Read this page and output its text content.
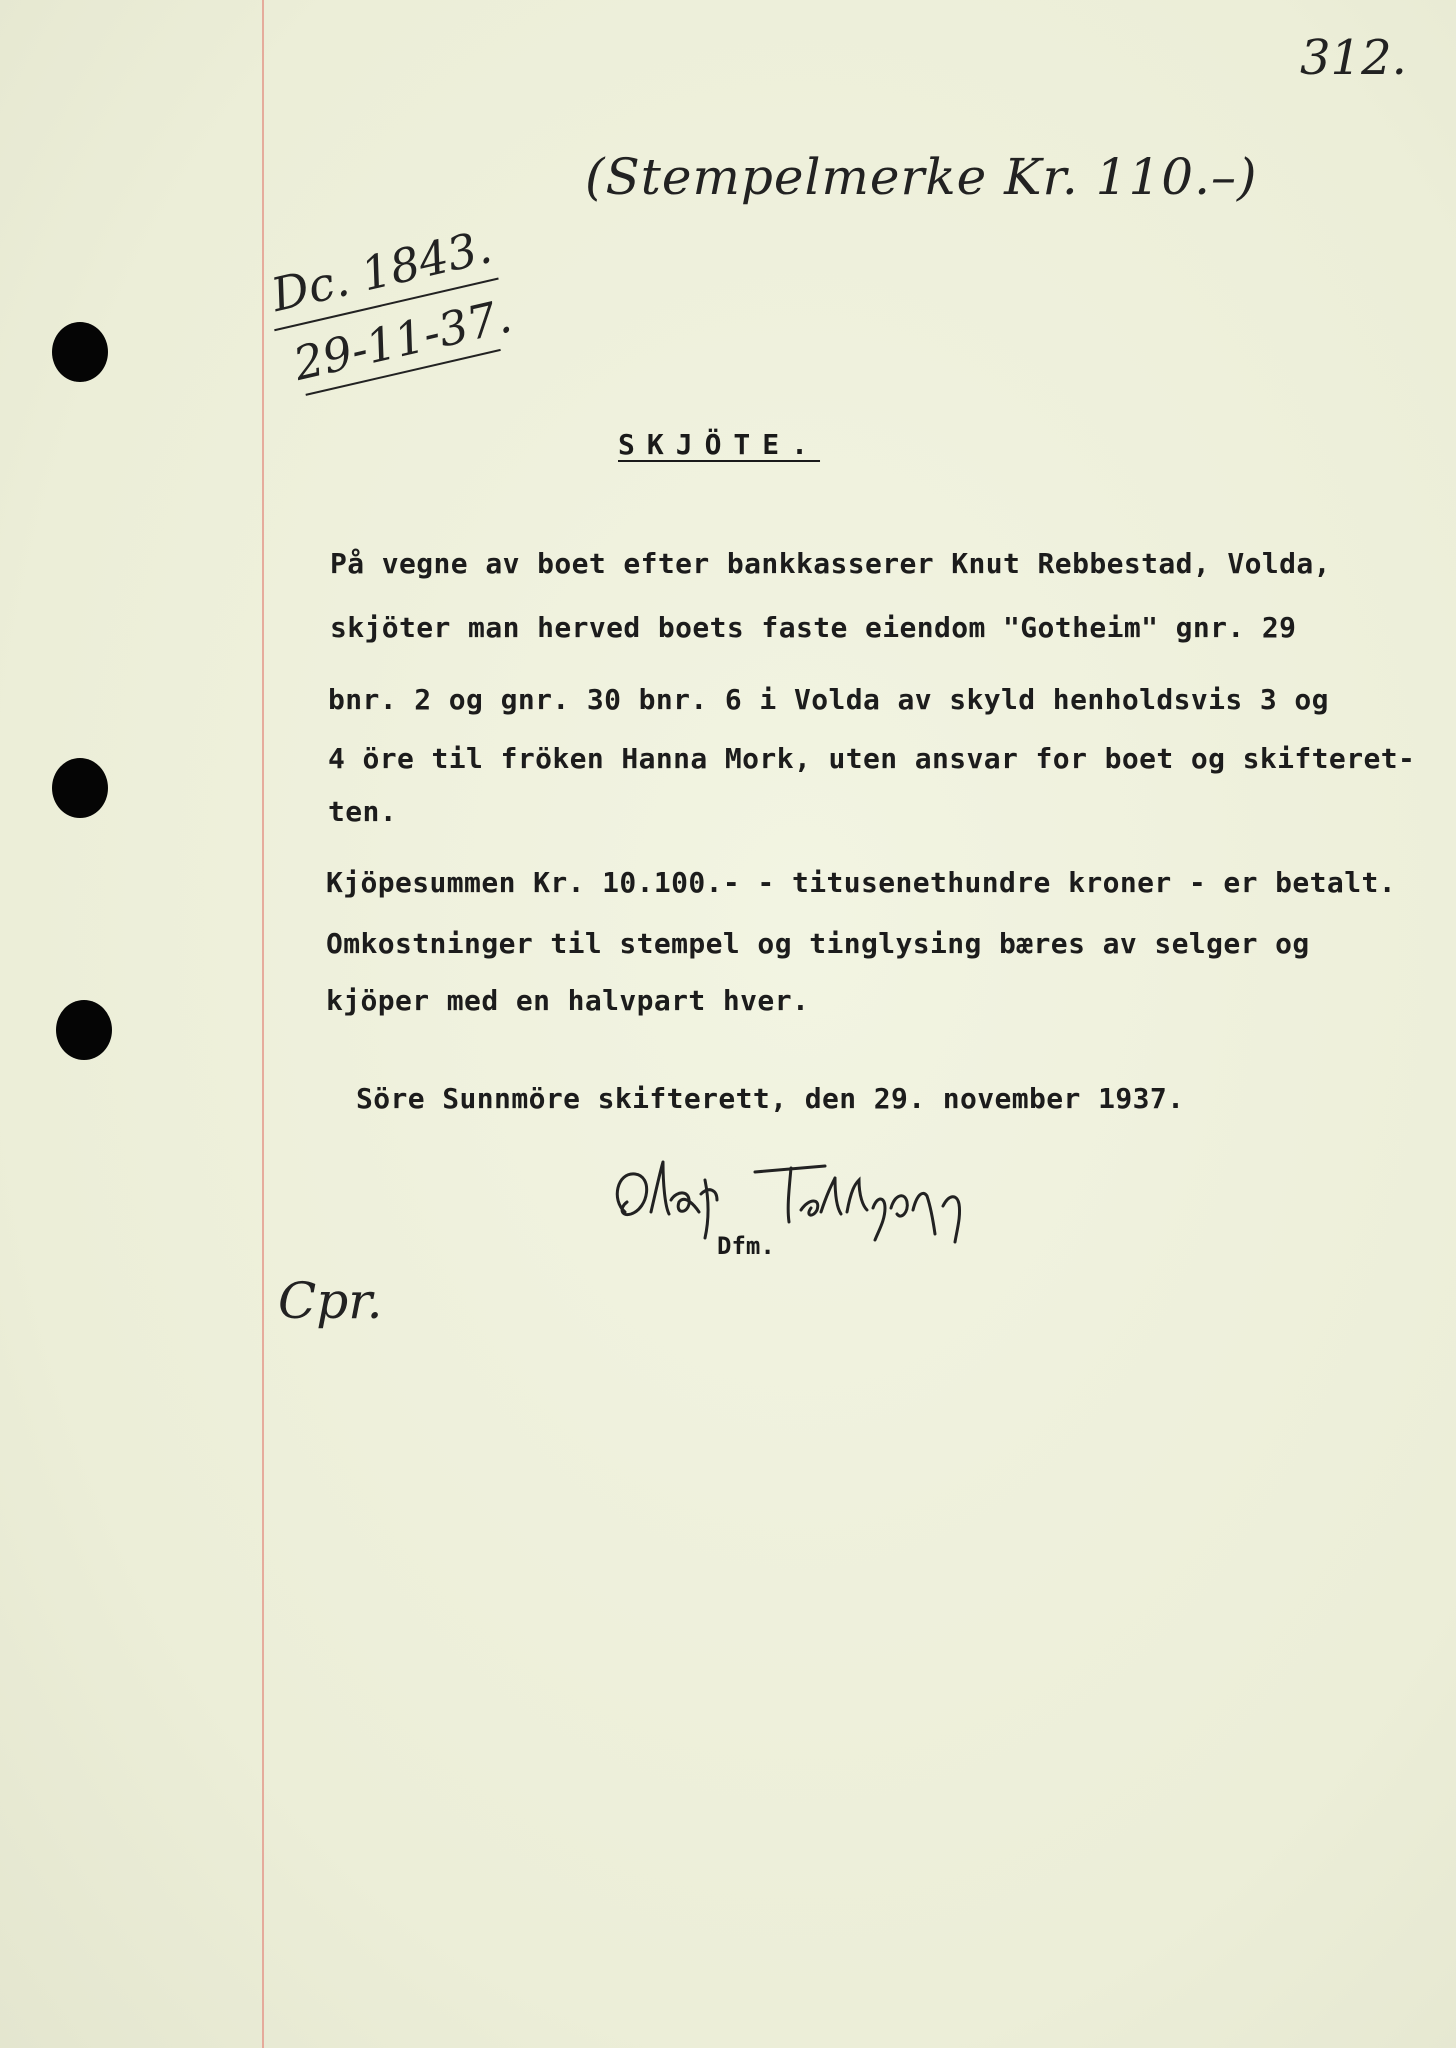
312.
(Stempelmerke Kr. 110.–)
Dc. 1843.
29-11-37.
SKJÖTE.
På vegne av boet efter bankkasserer Knut Rebbestad, Volda,
skjöter man herved boets faste eiendom "Gotheim" gnr. 29
bnr. 2 og gnr. 30 bnr. 6 i Volda av skyld henholdsvis 3 og
4 öre til fröken Hanna Mork, uten ansvar for boet og skifteret-
ten.
Kjöpesummen Kr. 10.100.- - titusenethundre kroner - er betalt.
Omkostninger til stempel og tinglysing bæres av selger og
kjöper med en halvpart hver.
Söre Sunnmöre skifterett, den 29. november 1937.
Dfm.
Cpr.
